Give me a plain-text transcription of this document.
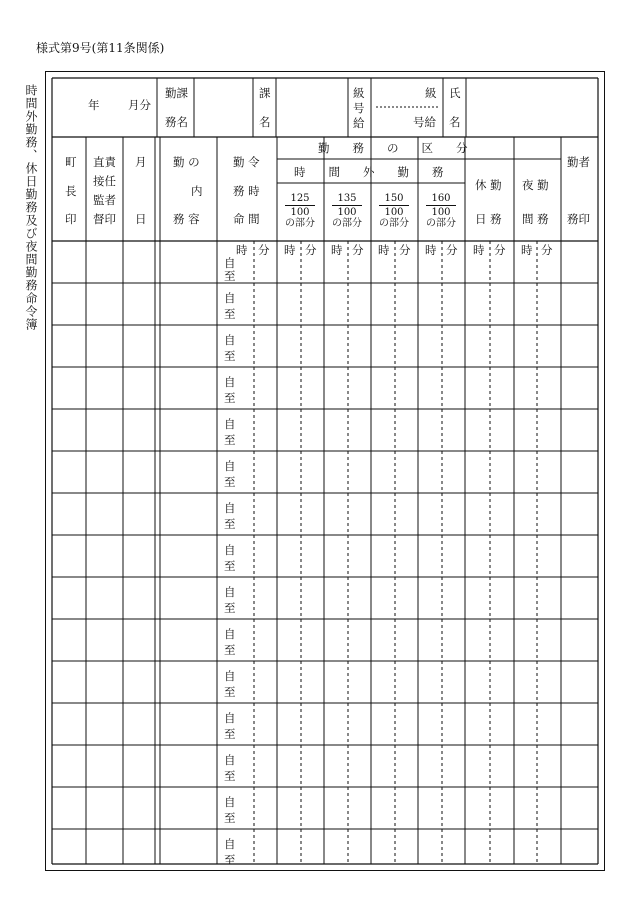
様式第9号(第11条関係)
時間外勤務、休日勤務及び夜間勤務命令簿	年 月分
勤課
務名
課
名
級
号
給
級
号給
氏
名
町
長
印
直責
接任
監者
督印
月
日
勤 の
内
務 容
勤 令
務 時
命 間
勤　　務　　の　　区　　分
時　　間　　外　　勤　　務
125
100
の部分
135
100
の部分
150
100
の部分
160
100
の部分
休 勤
日 務
夜 勤
間 務
勤者
務印
時 分 時 分 時 分 時 分 時 分 時 分 時 分
自
至
自
至
自
至
自
至
自
至
自
至
自
至
自
至
自
至
自
至
自
至
自
至
自
至
自
至
自
至
